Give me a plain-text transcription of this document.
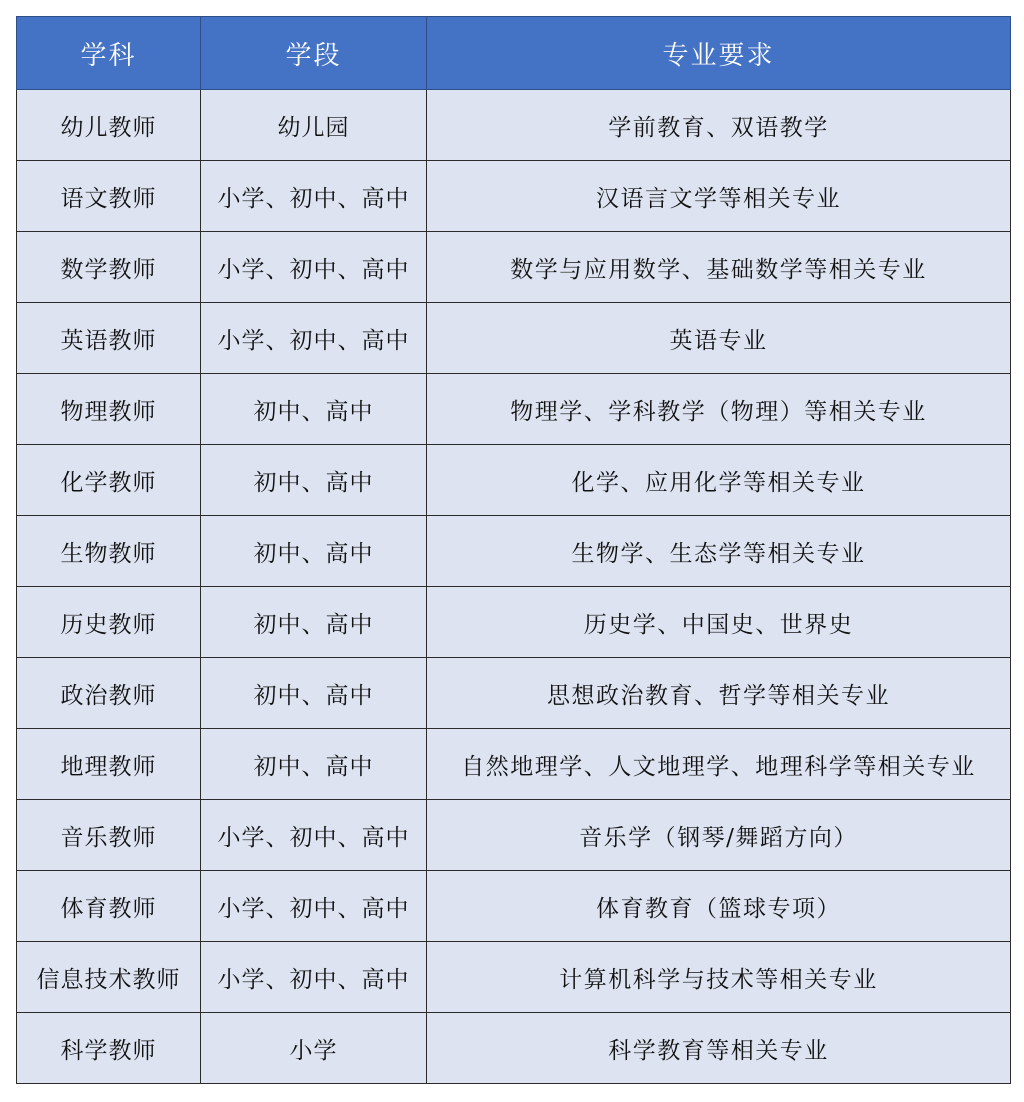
学科	学段	专业要求
幼儿教师	幼儿园	学前教育、双语教学
语文教师	小学、初中、高中	汉语言文学等相关专业
数学教师	小学、初中、高中	数学与应用数学、基础数学等相关专业
英语教师	小学、初中、高中	英语专业
物理教师	初中、高中	物理学、学科教学（物理）等相关专业
化学教师	初中、高中	化学、应用化学等相关专业
生物教师	初中、高中	生物学、生态学等相关专业
历史教师	初中、高中	历史学、中国史、世界史
政治教师	初中、高中	思想政治教育、哲学等相关专业
地理教师	初中、高中	自然地理学、人文地理学、地理科学等相关专业
音乐教师	小学、初中、高中	音乐学（钢琴/舞蹈方向）
体育教师	小学、初中、高中	体育教育（篮球专项）
信息技术教师	小学、初中、高中	计算机科学与技术等相关专业
科学教师	小学	科学教育等相关专业
